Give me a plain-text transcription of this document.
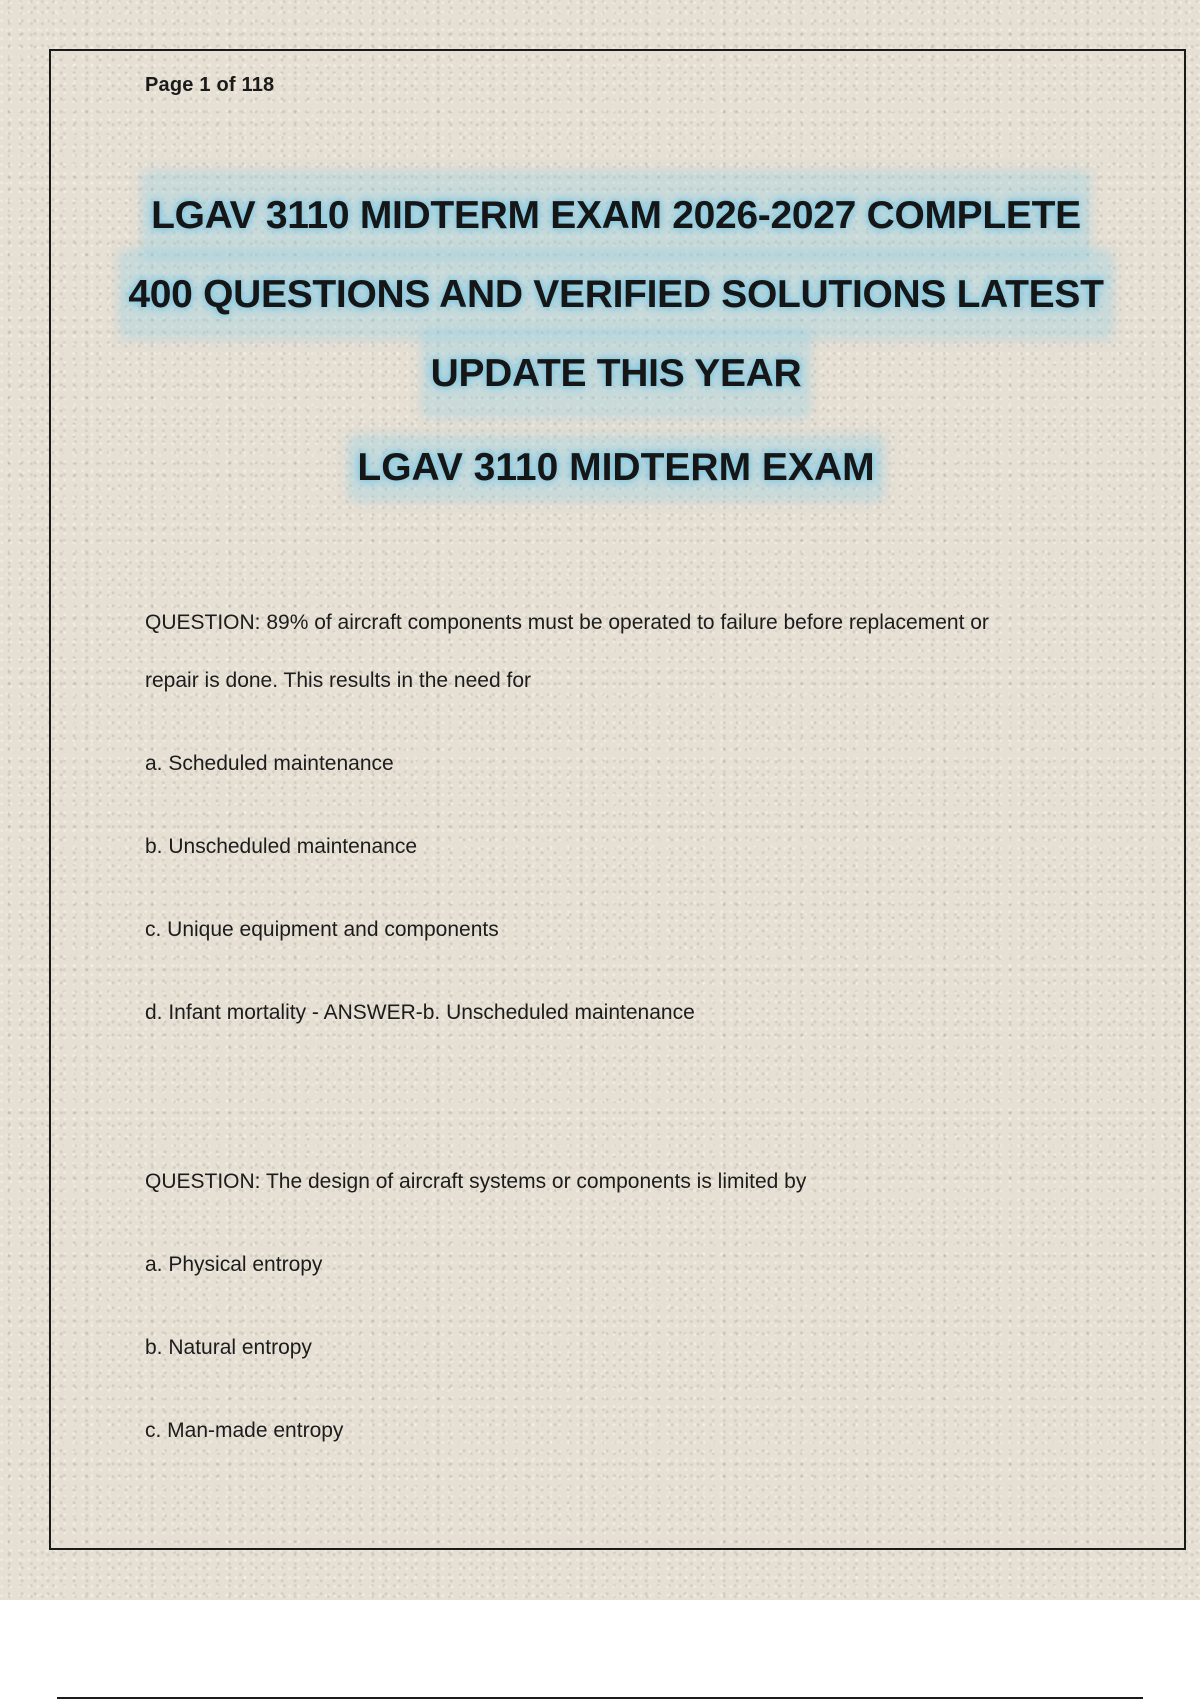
Page 1 of 118
LGAV 3110 MIDTERM EXAM 2026-2027 COMPLETE
400 QUESTIONS AND VERIFIED SOLUTIONS LATEST
UPDATE THIS YEAR
LGAV 3110 MIDTERM EXAM

QUESTION: 89% of aircraft components must be operated to failure before replacement or

repair is done. This results in the need for

a. Scheduled maintenance

b. Unscheduled maintenance

c. Unique equipment and components

d. Infant mortality - ANSWER-b. Unscheduled maintenance

QUESTION: The design of aircraft systems or components is limited by

a. Physical entropy

b. Natural entropy

c. Man-made entropy
